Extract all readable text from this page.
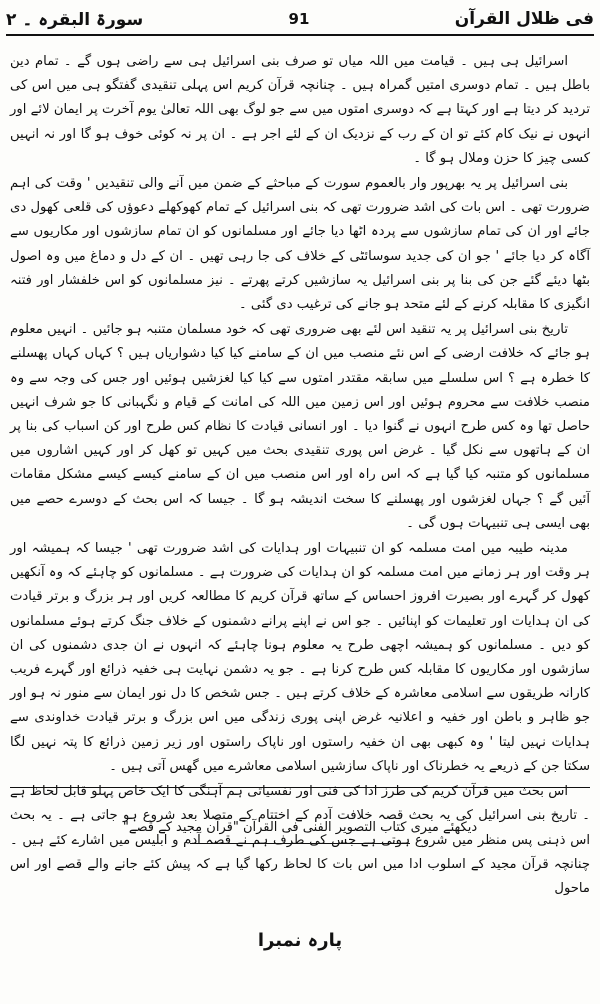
فی ظلال القرآن
91
سورۃ البقرہ ۔ ۲

اسرائیل ہی ہیں ۔ قیامت میں اللہ میاں تو صرف بنی اسرائیل ہی سے راضی ہوں گے ۔ تمام دین باطل ہیں ۔ تمام دوسری امتیں گمراہ ہیں ۔ چنانچہ قرآن کریم اس پہلی تنقیدی گفتگو ہی میں اس کی تردید کر دیتا ہے اور کہتا ہے کہ دوسری امتوں میں سے جو لوگ بھی اللہ تعالیٰ یوم آخرت پر ایمان لائے اور انہوں نے نیک کام کئے تو ان کے رب کے نزدیک ان کے لئے اجر ہے ۔ ان پر نہ کوئی خوف ہو گا اور نہ انہیں کسی چیز کا حزن وملال ہو گا ۔

بنی اسرائیل پر یہ بھرپور وار بالعموم سورت کے مباحثے کے ضمن میں آنے والی تنقیدیں ' وقت کی اہم ضرورت تھی ۔ اس بات کی اشد ضرورت تھی کہ بنی اسرائیل کے تمام کھوکھلے دعوؤں کی قلعی کھول دی جائے اور ان کی تمام سازشوں سے پردہ اٹھا دیا جائے اور مسلمانوں کو ان تمام سازشوں اور مکاریوں سے آگاہ کر دیا جائے ' جو ان کی جدید سوسائٹی کے خلاف کی جا رہی تھیں ۔ ان کے دل و دماغ میں وہ اصول بٹھا دیئے گئے جن کی بنا پر بنی اسرائیل یہ سازشیں کرتے پھرتے ۔ نیز مسلمانوں کو اس خلفشار اور فتنہ انگیزی کا مقابلہ کرنے کے لئے متحد ہو جانے کی ترغیب دی گئی ۔

تاریخ بنی اسرائیل پر یہ تنقید اس لئے بھی ضروری تھی کہ خود مسلمان متنبہ ہو جائیں ۔ انہیں معلوم ہو جائے کہ خلافت ارضی کے اس نئے منصب میں ان کے سامنے کیا کیا دشواریاں ہیں ؟ کہاں کہاں پھسلنے کا خطرہ ہے ؟ اس سلسلے میں سابقہ مقتدر امتوں سے کیا کیا لغزشیں ہوئیں اور جس کی وجہ سے وہ منصب خلافت سے محروم ہوئیں اور اس زمین میں اللہ کی امانت کے قیام و نگہبانی کا جو شرف انہیں حاصل تھا وہ کس طرح انہوں نے گنوا دیا ۔ اور انسانی قیادت کا نظام کس طرح اور کن اسباب کی بنا پر ان کے ہاتھوں سے نکل گیا ۔ غرض اس پوری تنقیدی بحث میں کہیں تو کھل کر اور کہیں اشاروں میں مسلمانوں کو متنبہ کیا گیا ہے کہ اس راہ اور اس منصب میں ان کے سامنے کیسے کیسے مشکل مقامات آئیں گے ؟ جہاں لغزشوں اور پھسلنے کا سخت اندیشہ ہو گا ۔ جیسا کہ اس بحث کے دوسرے حصے میں بھی ایسی ہی تنبیہات ہوں گی ۔

مدینہ طیبہ میں امت مسلمہ کو ان تنبیہات اور ہدایات کی اشد ضرورت تھی ' جیسا کہ ہمیشہ اور ہر وقت اور ہر زمانے میں امت مسلمہ کو ان ہدایات کی ضرورت ہے ۔ مسلمانوں کو چاہئے کہ وہ آنکھیں کھول کر گہرے اور بصیرت افروز احساس کے ساتھ قرآن کریم کا مطالعہ کریں اور ہر بزرگ و برتر قیادت کی ان ہدایات اور تعلیمات کو اپنائیں ۔ جو اس نے اپنے پرانے دشمنوں کے خلاف جنگ کرتے ہوئے مسلمانوں کو دیں ۔ مسلمانوں کو ہمیشہ اچھی طرح یہ معلوم ہونا چاہئے کہ انہوں نے ان جدی دشمنوں کی ان سازشوں اور مکاریوں کا مقابلہ کس طرح کرنا ہے ۔ جو یہ دشمن نہایت ہی خفیہ ذرائع اور گہرے فریب کارانہ طریقوں سے اسلامی معاشرہ کے خلاف کرتے ہیں ۔ جس شخص کا دل نور ایمان سے منور نہ ہو اور جو ظاہر و باطن اور خفیہ و اعلانیہ غرض اپنی پوری زندگی میں اس بزرگ و برتر قیادت خداوندی سے ہدایات نہیں لیتا ' وہ کبھی بھی ان خفیہ راستوں اور ناپاک راستوں اور زیر زمین ذرائع کا پتہ نہیں لگا سکتا جن کے ذریعے یہ خطرناک اور ناپاک سازشیں اسلامی معاشرے میں گھس آتی ہیں ۔

اس بحث میں قرآن کریم کی طرز ادا کی فنی اور نفسیاتی ہم آہنگی کا ایک خاص پہلو قابل لحاظ ہے ۔ تاریخ بنی اسرائیل کی یہ بحث قصہ خلافت آدم کے اختتام کے متصلا بعد شروع ہو جاتی ہے ۔ یہ بحث اس ذہنی پس منظر میں شروع ہوتی ہے جس کی طرف ہم نے قصہ آدم و ابلیس میں اشارے کئے ہیں ۔ چنانچہ قرآن مجید کے اسلوب ادا میں اس بات کا لحاظ رکھا گیا ہے کہ پیش کئے جانے والے قصے اور اس ماحول

دیکھئے میری کتاب التصویر الفنی فی القرآن "قرآن مجید کے قصے"
پارہ نمبرا
